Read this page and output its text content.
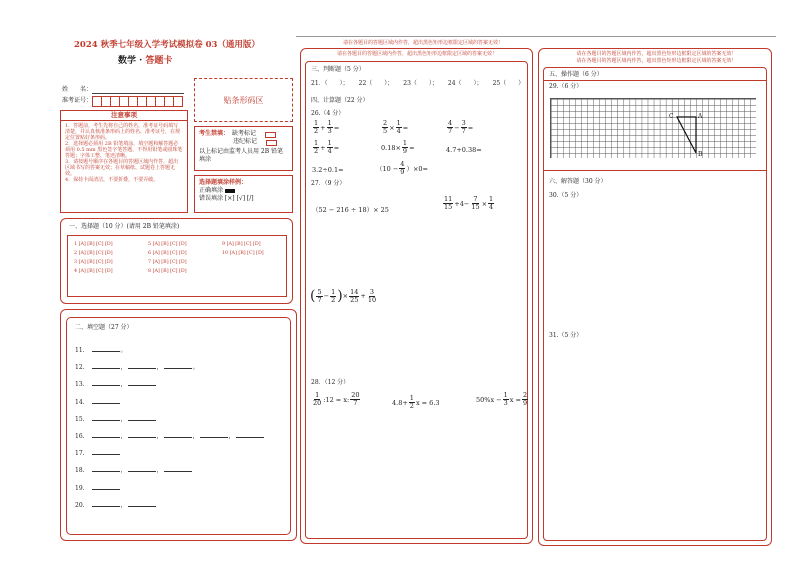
2024 秋季七年级入学考试模拟卷 03（通用版）
数学 · 答题卡
姓　　名：
准考证号：	贴条形码区
注意事项
1．答题前，考生先将自己的姓名，准考证号码填写清楚，并认真核准条形码上的姓名、准考证号，在规定位置贴好条形码。
2．选择题必须用 2B 铅笔填涂，填空题和解答题必须用 0.5 mm 黑色签字笔答题，不得用铅笔或圆珠笔答题；字体工整、笔迹清晰。
3．请按题号顺序在各题目的答题区域内作答，超出区域书写的答案无效；在草稿纸、试题卷上答题无效。
4．保持卡面清洁，不要折叠，不要弄破。
考生禁填： 缺考标记
违纪标记
以上标记由监考人员用 2B 铅笔填涂
选择题填涂样例：
正确填涂
错误填涂 [×] [√] [/]
一、选择题（10 分）(请用 2B 铅笔填涂)
1 [A] [B] [C] [D]
2 [A] [B] [C] [D]
3 [A] [B] [C] [D]
4 [A] [B] [C] [D]
5 [A] [B] [C] [D]
6 [A] [B] [C] [D]
7 [A] [B] [C] [D]
8 [A] [B] [C] [D]
9 [A] [B] [C] [D]
10 [A] [B] [C] [D]
二、填空题（27 分）
11.	。
12.	，	，	。
13.	，
14.
15.	，
16.	，	，	，	，
17.
18.	，	，
19.
20.	，
请在各题目的答题区域内作答，超出黑色矩形边框限定区域的答案无效！
请在各题目的答题区域内作答，超出黑色矩形边框限定区域的答案无效！
三、判断题（5 分）
21．（　　）； 22（　　）； 23（　　）； 24（　　）； 25（　　）
四、计算题（22 分）
26.（4 分）
$\frac{1}{2} + \frac{1}{3}$ =	$\frac{2}{5} \times \frac{1}{4}$ =	$\frac{4}{7} - \frac{3}{7}$ =
$\frac{1}{2} + \frac{1}{4}$ =	$0.18\times \frac{1}{9}$ =	4.7+0.38=
3.2÷0.1=	$(10 - \frac{4}{9} )\times 0=$
27．（9 分）
（52 − 216 ÷ 18）× 25	$\frac{11}{15} +4- \frac{7}{15} \times \frac{1}{4}$
( $\frac{5}{7} - \frac{1}{2}$ ) × $\frac{14}{25} + \frac{3}{10}$
28．（12 分）
$\frac{1}{20}$ :12 = x: $\frac{20}{7}$	$4.8+ \frac{1}{2}$ x = 6.3	$50\%x - \frac{1}{3}$ $x = \frac{2}{9}$
请在各题目的答题区域内作答，超出黑色矩形边框限定区域的答案无效！
请在各题目的答题区域内作答，超出黑色矩形边框限定区域的答案无效！
五、操作题（6 分）
29.（6 分）
C	A
B
六、解答题（30 分）
30.（5 分）
31.（5 分）
